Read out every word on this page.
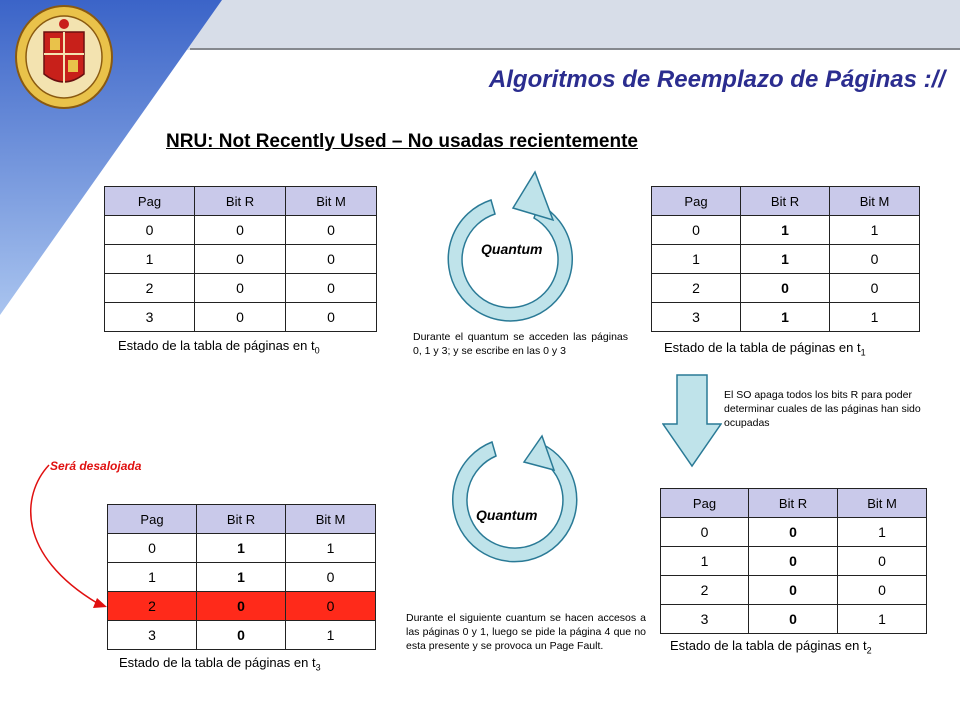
Algoritmos de Reemplazo de Páginas ://
NRU: Not Recently Used – No usadas recientemente
Pag	Bit R	Bit M
0	0	0
1	0	0
2	0	0
3	0	0
Estado de la tabla de páginas en $t_0$
Pag	Bit R	Bit M
0	1	1
1	1	0
2	0	0
3	1	1
Estado de la tabla de páginas en $t_1$
Pag	Bit R	Bit M
0	0	1
1	0	0
2	0	0
3	0	1
Estado de la tabla de páginas en $t_2$
Pag	Bit R	Bit M
0	1	1
1	1	0
2	0	0
3	0	1
Estado de la tabla de páginas en $t_3$
Quantum
Quantum
Durante el quantum se acceden las páginas 0, 1 y 3; y se escribe en las 0 y 3
El SO apaga todos los bits R para poder determinar cuales de las páginas han sido ocupadas
Durante el siguiente cuantum se hacen accesos a las páginas 0 y 1, luego se pide la página 4 que no esta presente y se provoca un Page Fault.
Será desalojada
